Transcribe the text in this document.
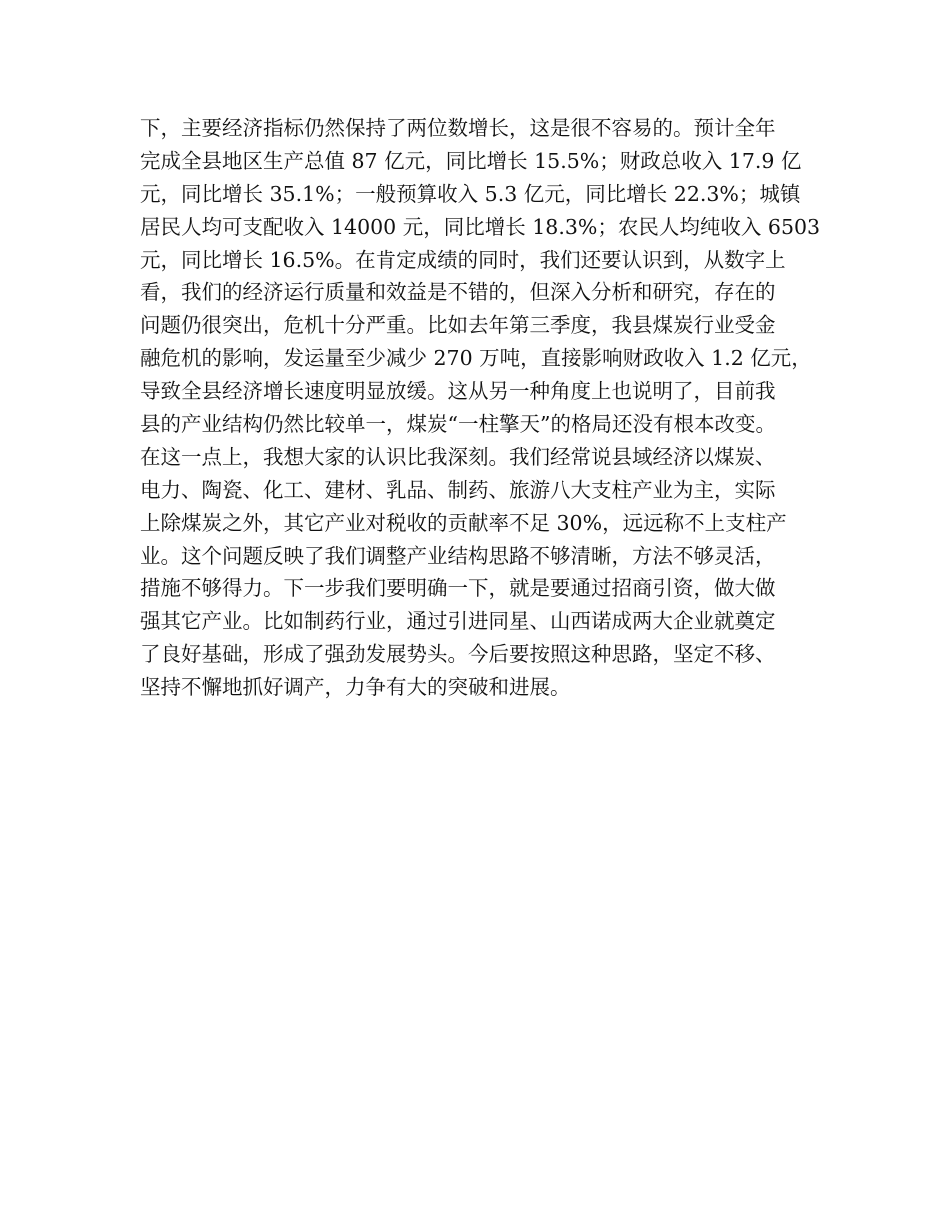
下，主要经济指标仍然保持了两位数增长，这是很不容易的。预计全年
完成全县地区生产总值 87 亿元，同比增长 15.5%；财政总收入 17.9 亿
元，同比增长 35.1%；一般预算收入 5.3 亿元，同比增长 22.3%；城镇
居民人均可支配收入 14000 元，同比增长 18.3%；农民人均纯收入 6503
元，同比增长 16.5%。在肯定成绩的同时，我们还要认识到，从数字上
看，我们的经济运行质量和效益是不错的，但深入分析和研究，存在的
问题仍很突出，危机十分严重。比如去年第三季度，我县煤炭行业受金
融危机的影响，发运量至少减少 270 万吨，直接影响财政收入 1.2 亿元，
导致全县经济增长速度明显放缓。这从另一种角度上也说明了，目前我
县的产业结构仍然比较单一，煤炭“一柱擎天”的格局还没有根本改变。
在这一点上，我想大家的认识比我深刻。我们经常说县域经济以煤炭、
电力、陶瓷、化工、建材、乳品、制药、旅游八大支柱产业为主，实际
上除煤炭之外，其它产业对税收的贡献率不足 30%，远远称不上支柱产
业。这个问题反映了我们调整产业结构思路不够清晰，方法不够灵活，
措施不够得力。下一步我们要明确一下，就是要通过招商引资，做大做
强其它产业。比如制药行业，通过引进同星、山西诺成两大企业就奠定
了良好基础，形成了强劲发展势头。今后要按照这种思路，坚定不移、
坚持不懈地抓好调产，力争有大的突破和进展。
